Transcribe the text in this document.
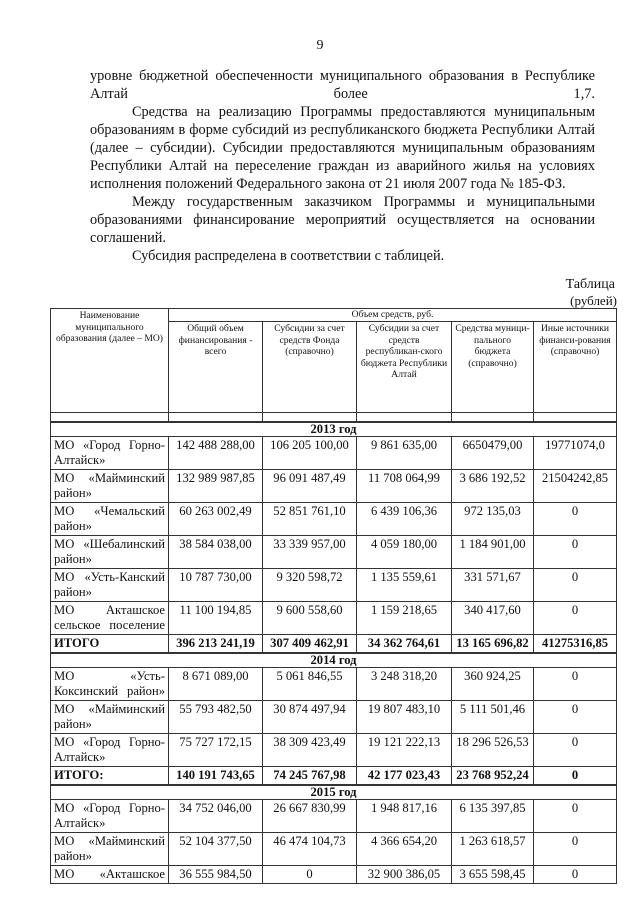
9

уровне бюджетной обеспеченности муниципального образования в Республике Алтай более 1,7.

Средства на реализацию Программы предоставляются муниципальным образованиям в форме субсидий из республиканского бюджета Республики Алтай (далее – субсидии). Субсидии предоставляются муниципальным образованиям Республики Алтай на переселение граждан из аварийного жилья на условиях исполнения положений Федерального закона от 21 июля 2007 года № 185-ФЗ.

Между государственным заказчиком Программы и муниципальными образованиями финансирование мероприятий осуществляется на основании соглашений.

Субсидия распределена в соответствии с таблицей.

Таблица
(рублей)
Наименование муниципального образования (далее – МО)	Объем средств, руб.				
	Общий объем финансирования - всего	Субсидии за счет средств Фонда (справочно)	Субсидии за счет средств республикан-ского бюджета Республики Алтай	Средства муници-пального бюджета (справочно)	Иные источники финанси-рования (справочно)

2013 год					
МО «Город Горно-Алтайск»	142 488 288,00	106 205 100,00	9 861 635,00	6650479,00	19771074,0
МО «Майминский район»	132 989 987,85	96 091 487,49	11 708 064,99	3 686 192,52	21504242,85
МО «Чемальский район»	60 263 002,49	52 851 761,10	6 439 106,36	972 135,03	0
МО «Шебалинский район»	38 584 038,00	33 339 957,00	4 059 180,00	1 184 901,00	0
МО «Усть-Канский район»	10 787 730,00	9 320 598,72	1 135 559,61	331 571,67	0
МО Акташское сельское поселение	11 100 194,85	9 600 558,60	1 159 218,65	340 417,60	0
ИТОГО	396 213 241,19	307 409 462,91	34 362 764,61	13 165 696,82	41275316,85
2014 год					
МО «Усть-Коксинский район»	8 671 089,00	5 061 846,55	3 248 318,20	360 924,25	0
МО «Майминский район»	55 793 482,50	30 874 497,94	19 807 483,10	5 111 501,46	0
МО «Город Горно-Алтайск»	75 727 172,15	38 309 423,49	19 121 222,13	18 296 526,53	0
ИТОГО:	140 191 743,65	74 245 767,98	42 177 023,43	23 768 952,24	0
2015 год					
МО «Город Горно-Алтайск»	34 752 046,00	26 667 830,99	1 948 817,16	6 135 397,85	0
МО «Майминский район»	52 104 377,50	46 474 104,73	4 366 654,20	1 263 618,57	0
МО «Акташское	36 555 984,50	0	32 900 386,05	3 655 598,45	0
